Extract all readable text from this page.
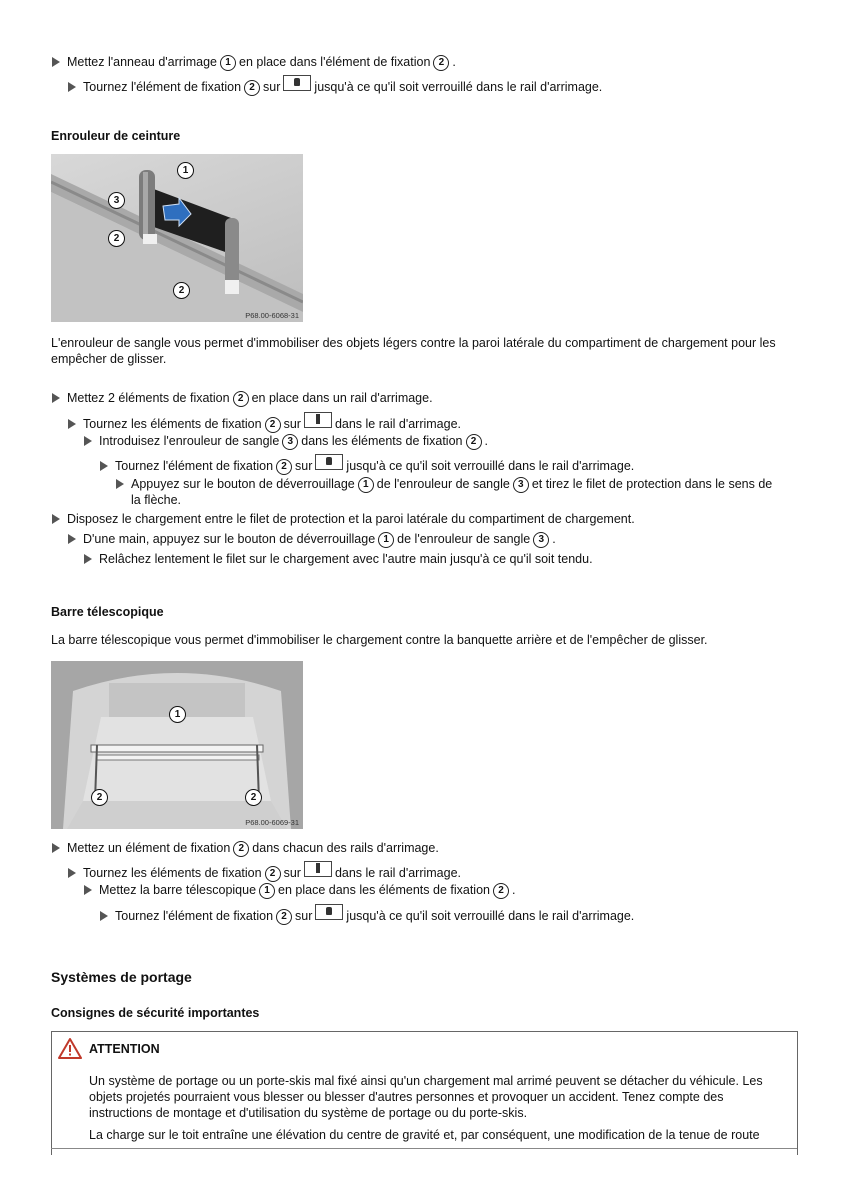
Mettez l'anneau d'arrimage 1 en place dans l'élément de fixation 2 .
Tournez l'élément de fixation 2 sur	jusqu'à ce qu'il soit verrouillé dans le rail d'arrimage.
Enrouleur de ceinture
1
3
2
2
P68.00-6068-31
L'enrouleur de sangle vous permet d'immobiliser des objets légers contre la paroi latérale du compartiment de chargement pour les empêcher de glisser.
Mettez 2 éléments de fixation 2 en place dans un rail d'arrimage.
Tournez les éléments de fixation 2 sur	dans le rail d'arrimage.
Introduisez l'enrouleur de sangle 3 dans les éléments de fixation 2 .
Tournez l'élément de fixation 2 sur	jusqu'à ce qu'il soit verrouillé dans le rail d'arrimage.
Appuyez sur le bouton de déverrouillage 1 de l'enrouleur de sangle 3 et tirez le filet de protection dans le sens de
la flèche.
Disposez le chargement entre le filet de protection et la paroi latérale du compartiment de chargement.
D'une main, appuyez sur le bouton de déverrouillage 1 de l'enrouleur de sangle 3 .
Relâchez lentement le filet sur le chargement avec l'autre main jusqu'à ce qu'il soit tendu.
Barre télescopique
La barre télescopique vous permet d'immobiliser le chargement contre la banquette arrière et de l'empêcher de glisser.
1
2	2
P68.00-6069-31
Mettez un élément de fixation 2 dans chacun des rails d'arrimage.
Tournez les éléments de fixation 2 sur	dans le rail d'arrimage.
Mettez la barre télescopique 1 en place dans les éléments de fixation 2 .
Tournez l'élément de fixation 2 sur	jusqu'à ce qu'il soit verrouillé dans le rail d'arrimage.
Systèmes de portage
Consignes de sécurité importantes
ATTENTION
Un système de portage ou un porte-skis mal fixé ainsi qu'un chargement mal arrimé peuvent se détacher du véhicule. Les
objets projetés pourraient vous blesser ou blesser d'autres personnes et provoquer un accident. Tenez compte des
instructions de montage et d'utilisation du système de portage ou du porte-skis.
La charge sur le toit entraîne une élévation du centre de gravité et, par conséquent, une modification de la tenue de route
